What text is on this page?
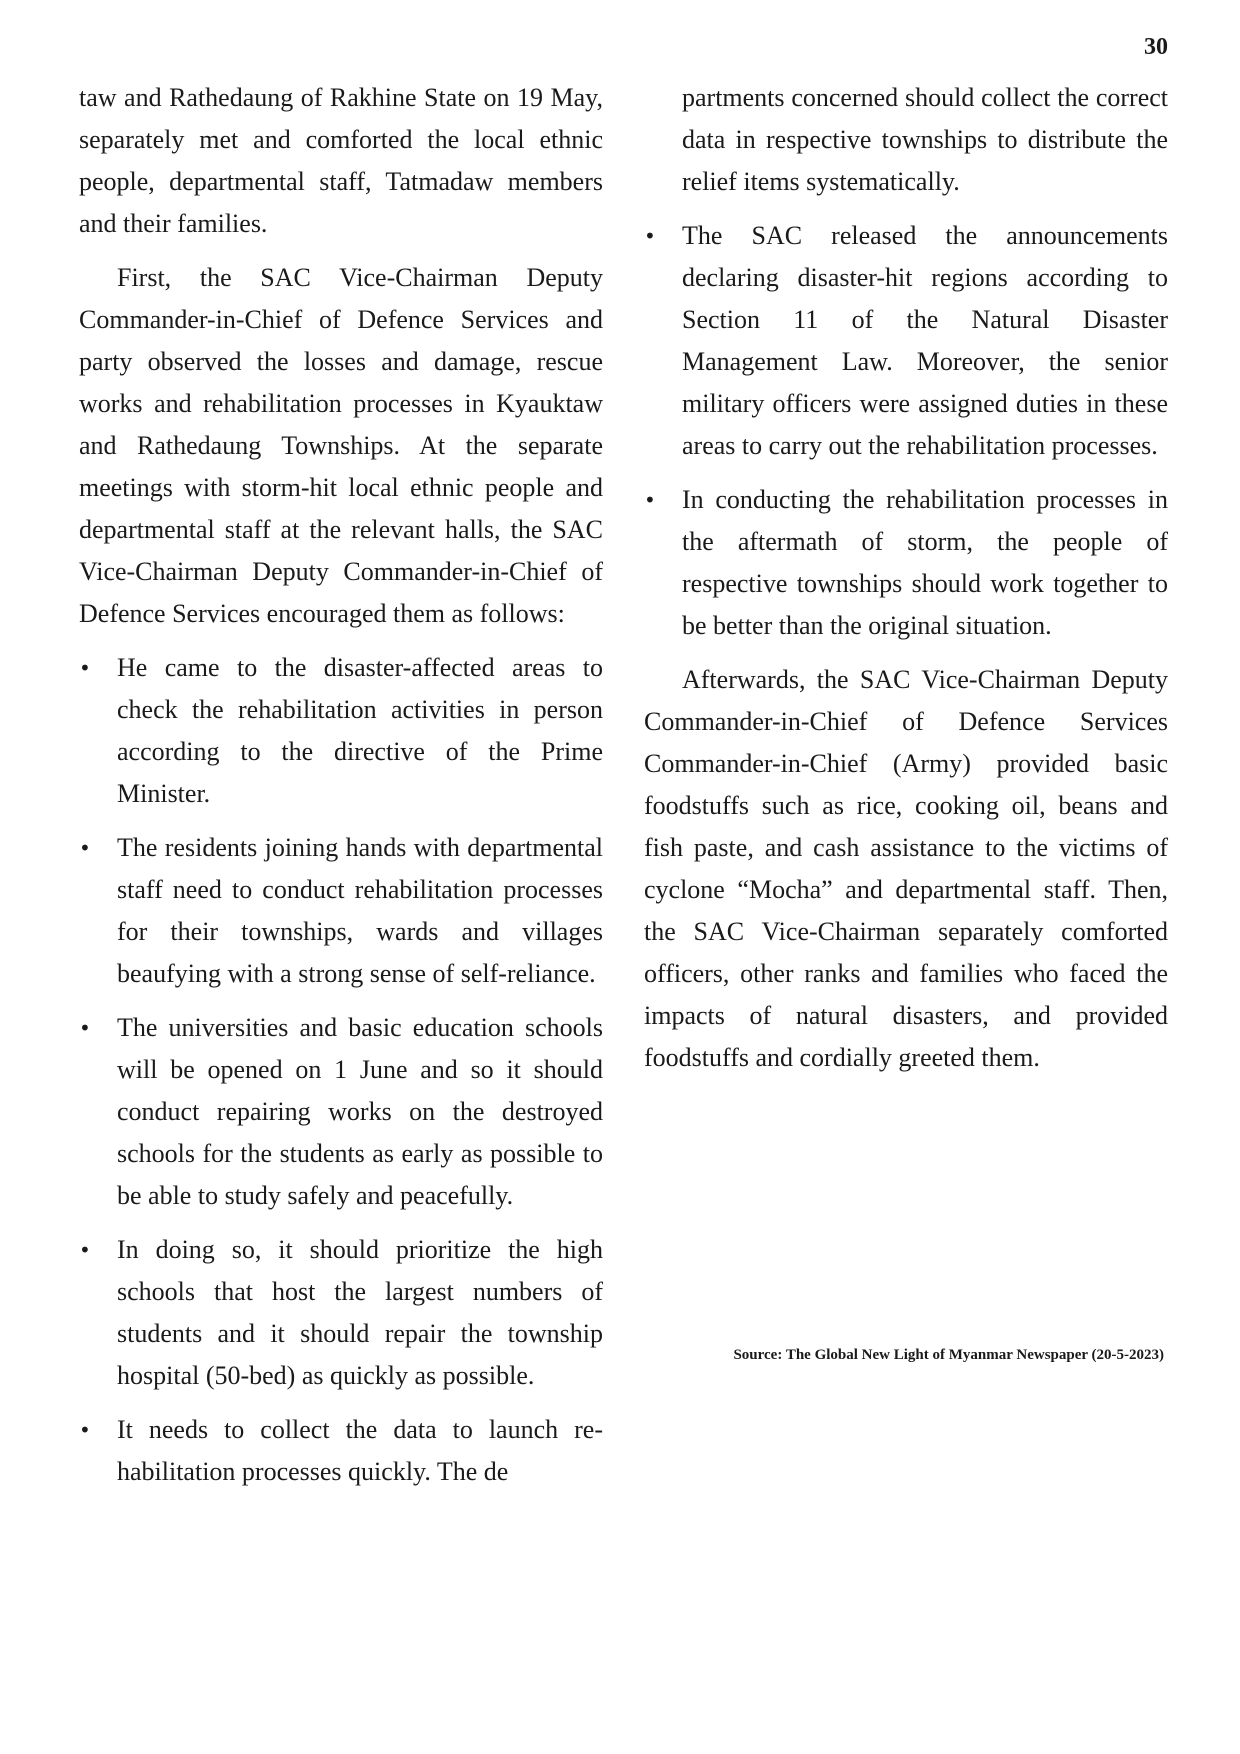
30

taw and Rathedaung of Rakhine State on 19 May, separately met and comforted the local ethnic people, departmental staff, Tatmadaw members and their families.

First, the SAC Vice-Chairman Deputy Commander-in-Chief of Defence Services and party observed the losses and damage, rescue works and rehabilitation processes in Kyauktaw and Rathedaung Townships. At the separate meetings with storm-hit local ethnic people and departmental staff at the relevant halls, the SAC Vice-Chairman Deputy Commander-in-Chief of Defence Services encouraged them as follows:

•	He came to the disaster-affected areas to check the rehabilitation activities in person according to the directive of the Prime Minister.
•	The residents joining hands with departmental staff need to conduct rehabilitation processes for their townships, wards and villages beaufying with a strong sense of self-reliance.
•	The universities and basic education schools will be opened on 1 June and so it should conduct repairing works on the destroyed schools for the students as early as possible to be able to study safely and peacefully.
•	In doing so, it should prioritize the high schools that host the largest numbers of students and it should repair the township hospital (50-bed) as quickly as possible.
•	It needs to collect the data to launch rehabilitation processes quickly. The de
partments concerned should collect the correct data in respective townships to distribute the relief items systematically.
•	The SAC released the announcements declaring disaster-hit regions according to Section 11 of the Natural Disaster Management Law. Moreover, the senior military officers were assigned duties in these areas to carry out the rehabilitation processes.
•	In conducting the rehabilitation processes in the aftermath of storm, the people of respective townships should work together to be better than the original situation.

Afterwards, the SAC Vice-Chairman Deputy Commander-in-Chief of Defence Services Commander-in-Chief (Army) provided basic foodstuffs such as rice, cooking oil, beans and fish paste, and cash assistance to the victims of cyclone “Mocha” and departmental staff. Then, the SAC Vice-Chairman separately comforted officers, other ranks and families who faced the impacts of natural disasters, and provided foodstuffs and cordially greeted them.

Source: The Global New Light of Myanmar Newspaper (20-5-2023)
